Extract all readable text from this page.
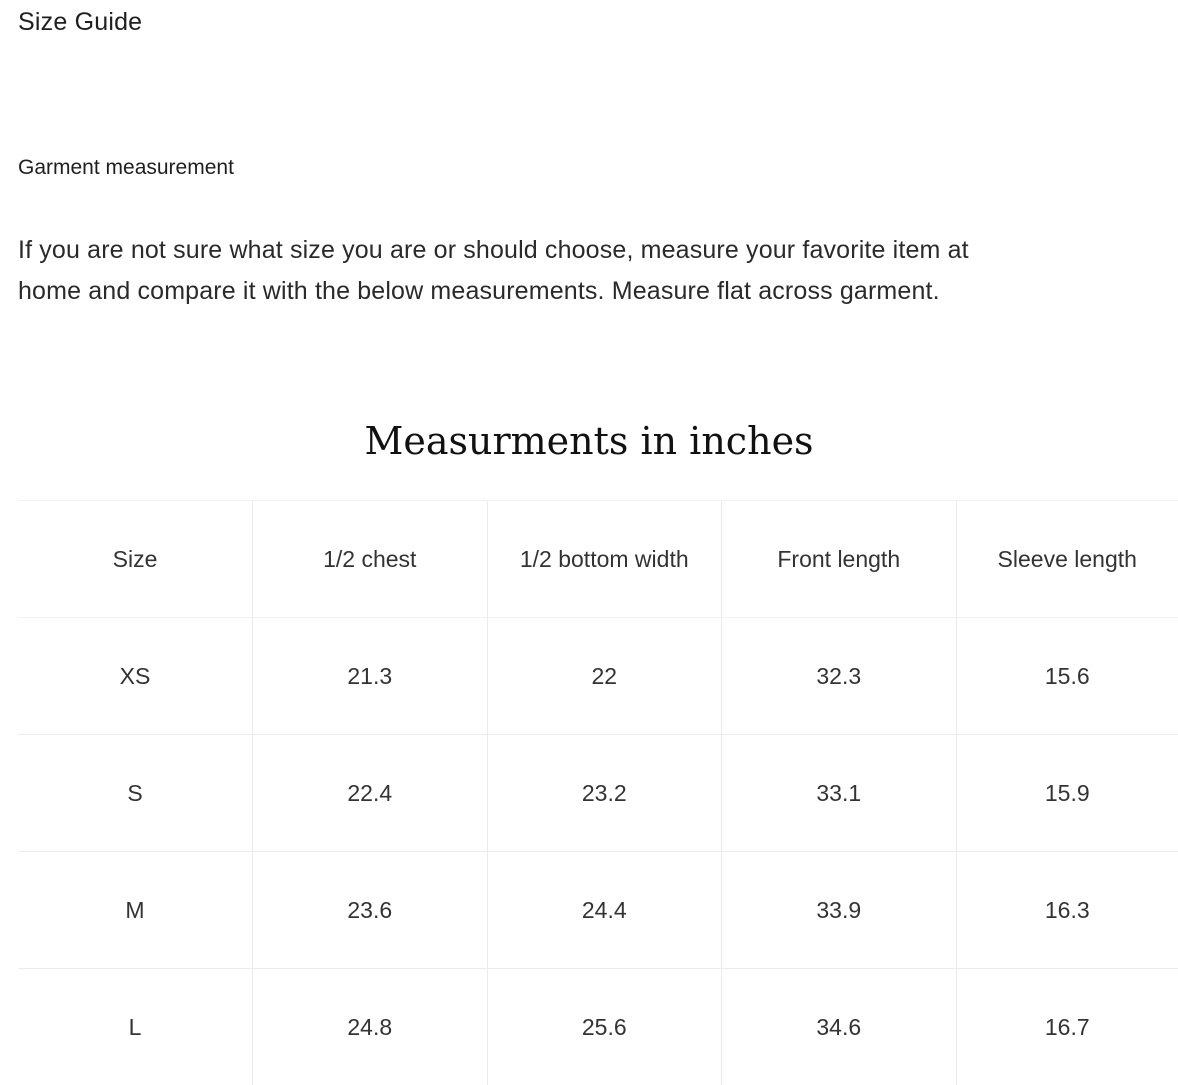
Size Guide
Garment measurement
If you are not sure what size you are or should choose, measure your favorite item at
home and compare it with the below measurements. Measure flat across garment.
Measurments in inches
Size	1/2 chest	1/2 bottom width	Front length	Sleeve length
XS	21.3	22	32.3	15.6
S	22.4	23.2	33.1	15.9
M	23.6	24.4	33.9	16.3
L	24.8	25.6	34.6	16.7
